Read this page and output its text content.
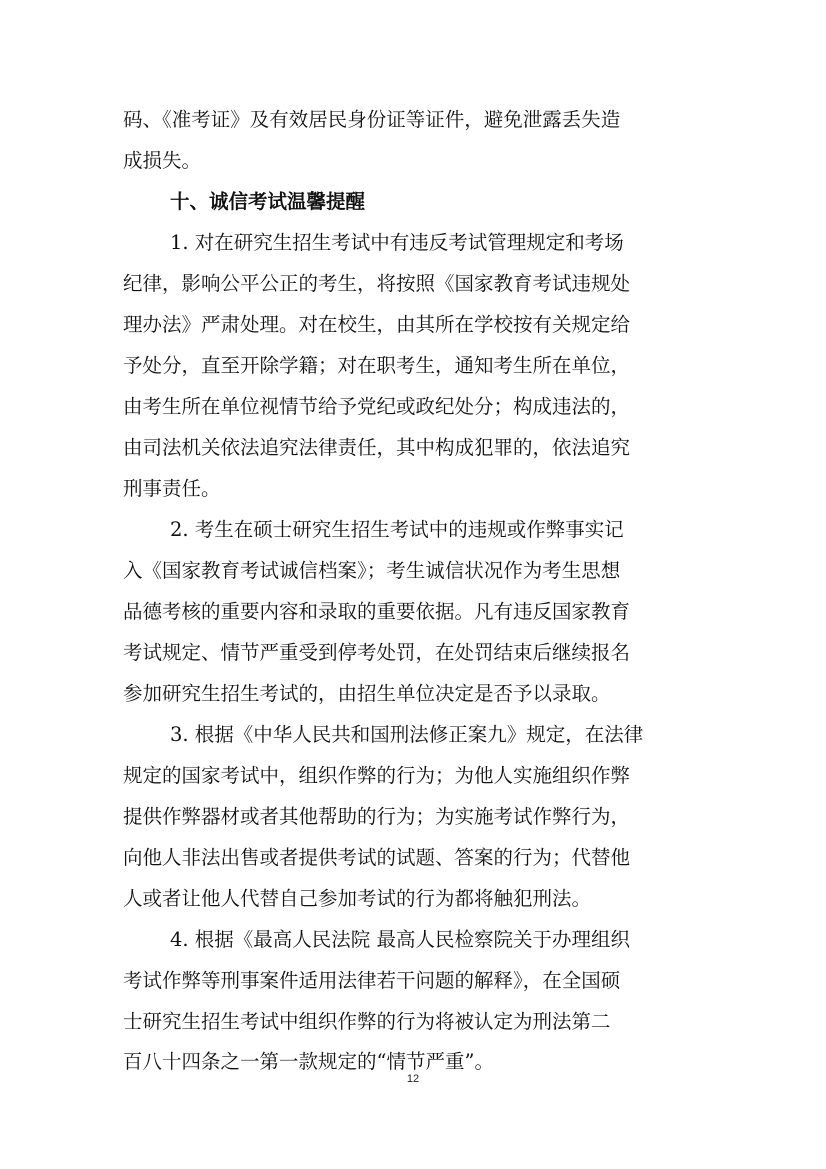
码、《准考证》及有效居民身份证等证件，避免泄露丢失造
成损失。
十、诚信考试温馨提醒
1. 对在研究生招生考试中有违反考试管理规定和考场
纪律，影响公平公正的考生，将按照《国家教育考试违规处
理办法》严肃处理。对在校生，由其所在学校按有关规定给
予处分，直至开除学籍；对在职考生，通知考生所在单位，
由考生所在单位视情节给予党纪或政纪处分；构成违法的，
由司法机关依法追究法律责任，其中构成犯罪的，依法追究
刑事责任。
2. 考生在硕士研究生招生考试中的违规或作弊事实记
入《国家教育考试诚信档案》；考生诚信状况作为考生思想
品德考核的重要内容和录取的重要依据。凡有违反国家教育
考试规定、情节严重受到停考处罚，在处罚结束后继续报名
参加研究生招生考试的，由招生单位决定是否予以录取。
3. 根据《中华人民共和国刑法修正案九》规定，在法律
规定的国家考试中，组织作弊的行为；为他人实施组织作弊
提供作弊器材或者其他帮助的行为；为实施考试作弊行为，
向他人非法出售或者提供考试的试题、答案的行为；代替他
人或者让他人代替自己参加考试的行为都将触犯刑法。
4. 根据《最高人民法院 最高人民检察院关于办理组织
考试作弊等刑事案件适用法律若干问题的解释》，在全国硕
士研究生招生考试中组织作弊的行为将被认定为刑法第二
百八十四条之一第一款规定的“情节严重”。
12
